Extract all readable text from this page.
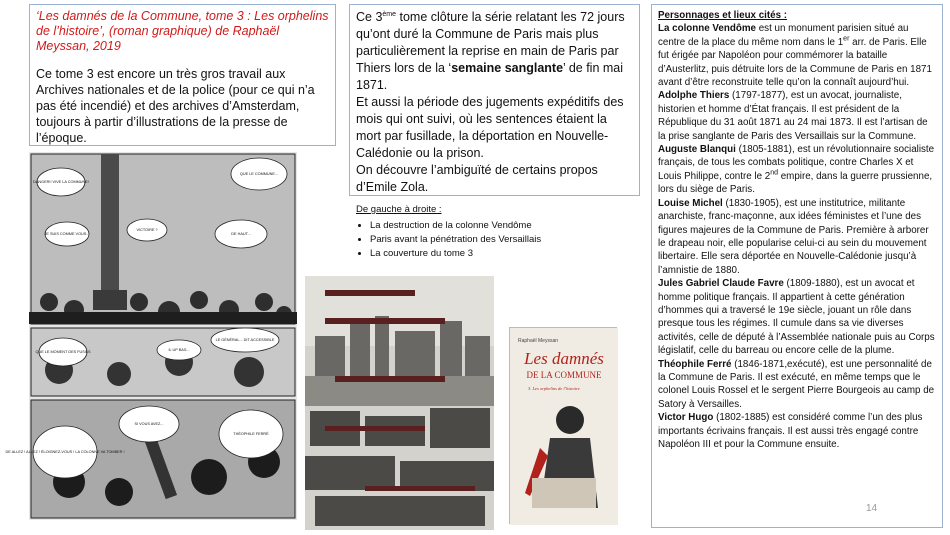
‘Les damnés de la Commune, tome 3 : Les orphelins de l’histoire’, (roman graphique) de Raphaël Meyssan, 2019
Ce tome 3 est encore un très gros travail aux Archives nationales et de la police (pour ce qui n’a pas été incendié) et des archives d’Amsterdam, toujours à partir d’illustrations de la presse de l’époque.
Ce 3ème tome clôture la série relatant les 72 jours qu’ont duré la Commune de Paris mais plus particulièrement la reprise en main de Paris par Thiers lors de la ‘semaine sanglante’ de fin mai 1871.
Et aussi la période des jugements expéditifs des mois qui ont suivi, où les sentences étaient la mort par fusillade, la déportation en Nouvelle-Calédonie ou la prison.
On découvre l’ambiguïté de certains propos d’Emile Zola.
De gauche à droite :
• La destruction de la colonne Vendôme
• Paris avant la pénétration des Versaillais
• La couverture du tome 3
DANGER!! VIVE LA COMMUNE!
VICTOIRE ?
QUE LE COMMUNE...
JE SUIS COMME VOUS...	DE HAUT...
LE GÉNÉRAL... DIT ACCESSIBLE
QUE LE MOMENT DES FUSILS	IL UP BAS...
SI VOUS AVEZ...
DE ALLEZ ! ALLEZ ! ÉLOIGNEZ-VOUS ! LA COLONNE VA TOMBER !
THÉOPHILE FERRÉ
Raphaël Meyssan
Les damnés
DE LA COMMUNE
3. Les orphelins de l’histoire
Personnages et lieux cités :
La colonne Vendôme est un monument parisien situé au centre de la place du même nom dans le 1er arr. de Paris. Elle fut érigée par Napoléon pour commémorer la bataille d’Austerlitz, puis détruite lors de la Commune de Paris en 1871 avant d’être reconstruite telle qu’on la connaît aujourd’hui.
Adolphe Thiers (1797-1877), est un avocat, journaliste, historien et homme d’État français. Il est président de la République du 31 août 1871 au 24 mai 1873. Il est l’artisan de la prise sanglante de Paris des Versaillais sur la Commune.
Auguste Blanqui (1805-1881), est un révolutionnaire socialiste français, de tous les combats politique, contre Charles X et Louis Philippe, contre le 2nd empire, dans la guerre prussienne, lors du siège de Paris.
Louise Michel (1830-1905), est une institutrice, militante anarchiste, franc-maçonne, aux idées féministes et l’une des figures majeures de la Commune de Paris. Première à arborer le drapeau noir, elle popularise celui-ci au sein du mouvement libertaire. Elle sera déportée en Nouvelle-Calédonie jusqu’à l’amnistie de 1880.
Jules Gabriel Claude Favre (1809-1880), est un avocat et homme politique français. Il appartient à cette génération d’hommes qui a traversé le 19e siècle, jouant un rôle dans presque tous les régimes. Il cumule dans sa vie diverses activités, celle de député à l’Assemblée nationale puis au Corps législatif, celle du barreau ou encore celle de la plume.
Théophile Ferré (1846-1871,exécuté), est une personnalité de la Commune de Paris. Il est exécuté, en même temps que le colonel Louis Rossel et le sergent Pierre Bourgeois au camp de Satory à Versailles.
Victor Hugo (1802-1885) est considéré comme l’un des plus importants écrivains français. Il est aussi très engagé contre Napoléon III et pour la Commune ensuite.
14
